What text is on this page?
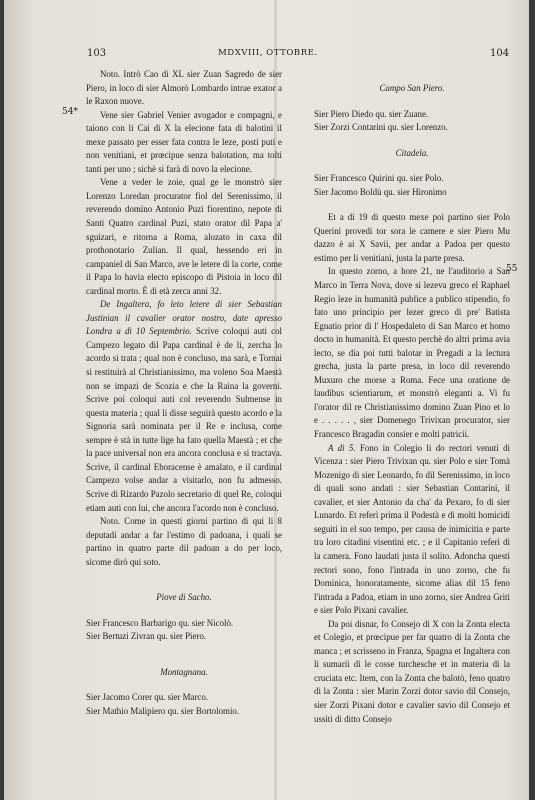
103	MDXVIII, OTTOBRE.	104
54*
55

Noto. Intrò Cao di XL sier Zuan Sagredo de sier Piero, in loco di sier Almorò Lombardo intrae exator a le Raxon nuove.

Vene sier Gabriel Venier avogador e compagni, e taiono con li Cai di X la elecione fata di balotini il mexe passato per esser fata contra le leze, posti puti e non venitiani, et prœcipue senza balotation, ma tolti tanti per uno ; sichè si farà di novo la elecione.

Vene a veder le zoie, qual ge le monstrò sier Lorenzo Loredan procurator fiol del Serenissimo, il reverendo domino Antonio Puzi fiorentino, nepote di Santi Quatro cardinal Puzi, stato orator dil Papa a' sguizari, e ritorna a Roma, alozato in caxa dil prothonotario Zulian. Il qual, hessendo eri in campaniel di San Marco, ave le letere di la corte, come il Papa lo havia electo episcopo di Pistoia in loco dil cardinal morto. È di età zerca anni 32.

De Ingaltera, fo leto letere di sier Sebastian Justinian il cavalier orator nostro, date apresso Londra a dì 10 Septembrio. Scrive coloqui auti col Campezo legato dil Papa cardinal è de li, zercha lo acordo si trata ; qual non è concluso, ma sarà, e Tornai si restituirà al Christianissimo, ma voleno Soa Maestà non se impazi de Scozia e che la Raina la governi. Scrive poi coloqui auti col reverendo Sulmense in questa materia ; qual li disse seguirà questo acordo e la Signoria sarà nominata per il Re e inclusa, come sempre è stà in tutte lige ha fato quella Maestà ; et che la pace universal non era ancora conclusa e si tractava. Scrive, il cardinal Eboracense è amalato, e il cardinal Campezo volse andar a visitarlo, non fu admesso. Scrive di Rizardo Pazolo secretario di quel Re, coloqui etiam auti con lui, che ancora l'acordo non è concluso.

Noto. Come in questi giorni partino di qui li 8 deputadi andar a far l'estimo di padoana, i quali se partino in quatro parte dil padoan a do per loco, sicome dirò qui soto.

Piove di Sacho.

Sier Francesco Barbarigo qu. sier Nicolò.

Sier Bertuzi Zivran qu. sier Piero.

Montagnana.

Sier Jacomo Corer qu. sier Marco.

Sier Mathio Malipiero qu. sier Bortolomio.

Campo San Piero.

Sier Piero Diedo qu. sier Zuane.

Sier Zorzi Contarini qu. sier Lorenzo.

Citadela.

Sier Francesco Quirini qu. sier Polo.

Sier Jacomo Boldù qu. sier Hironimo

Et a di 19 di questo mexe poi partino sier Polo Querini provedi tor sora le camere e sier Piero Mu dazzo è ai X Savii, per andar a Padoa per questo estimo per li venitiani, justa la parte presa.

In questo zorno, a hore 21, ne l'auditorio a San Marco in Terra Nova, dove si lezeva greco el Raphael Regio leze in humanità publice a publico stipendio, fo fato uno principio per lezer greco di pre' Batista Egnatio prior di l' Hospedaleto di San Marco et homo docto in humanità. Et questo perchè do altri prima avia lecto, se dia poi tutti balotar in Pregadi a la lectura grecha, justa la parte presa, in loco dil reverendo Muxuro che morse a Roma. Fece una oratione de laudibus scientiarum, et monstrò eleganti a. Vi fu l'orator dil re Christianissimo domino Zuan Pino et lo e . . . . . , sier Domenego Trivixan procurator, sier Francesco Bragadin consier e molti patricii.

A dì 5. Fono in Colegio li do rectori venuti di Vicenza : sier Piero Trivixan qu. sier Polo e sier Tomà Mozenigo di sier Leonardo, fo dil Serenissimo, in loco di quali sono andati : sier Sebastian Contarini, il cavalier, et sier Antonio da cha' da Pexaro, fo di sier Lunardo. Et referì prima il Podestà e di molti homicidi seguiti in el suo tempo, per causa de inimicitia e parte tra loro citadini visentini etc. ; e il Capitanio referì di la camera. Fono laudati justa il solito. Adoncha questi rectori sono, fono l'intrada in uno zorno, che fu Dominica, honoratamente, sicome alias dil 15 feno l'intrada a Padoa, etiam in uno zorno, sier Andrea Griti e sier Polo Pixani cavalier.

Da poi disnar, fo Consejo di X con la Zonta electa et Colegio, et prœcipue per far quatro di la Zonta che manca ; et scrisseno in Franza, Spagna et Ingaltera con li sumarii di le cosse turchesche et in materia di la cruciata etc. Item, con la Zonta che balotò, feno quatro di la Zonta : sier Marin Zorzi dotor savio dil Consejo, sier Zorzi Pixani dotor e cavalier savio dil Consejo et ussiti di ditto Consejo
